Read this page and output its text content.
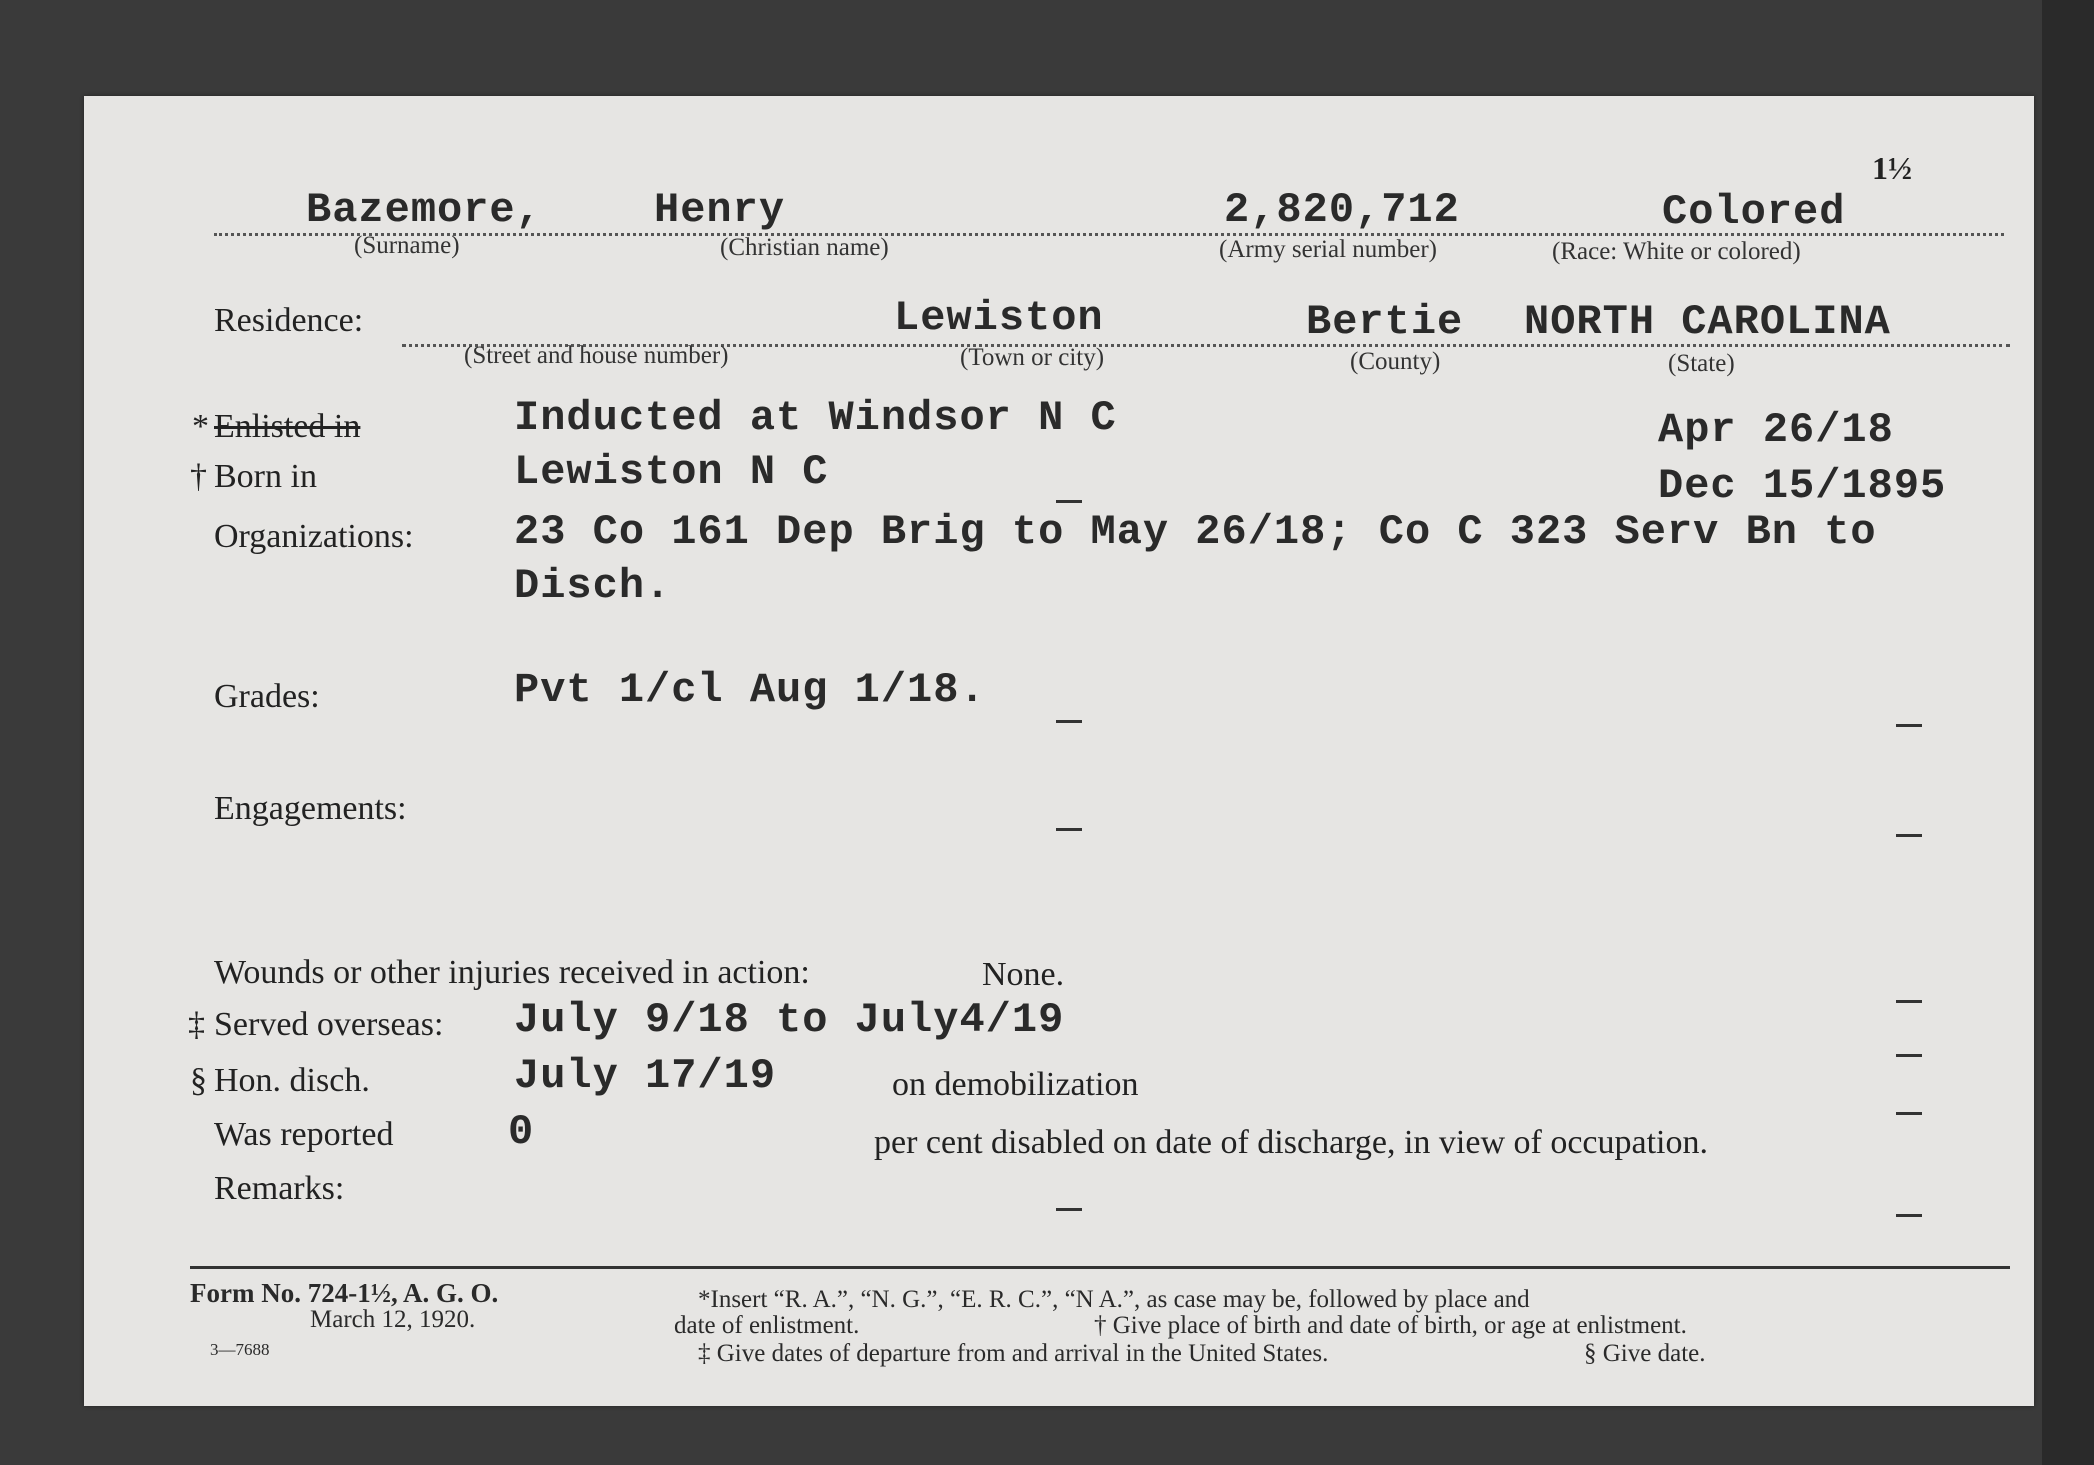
1½
Bazemore,	Henry	2,820,712	Colored
(Surname)	(Christian name)	(Army serial number)	(Race: White or colored)
Residence:	Lewiston	Bertie NORTH CAROLINA
(Street and house number)	(Town or city)	(County)	(State)
* Enlisted in	Inducted at Windsor N C	Apr 26/18
† Born in	Lewiston N C	Dec 15/1895
Organizations: 23 Co 161 Dep Brig to May 26/18; Co C 323 Serv Bn to
Disch.
Grades:	Pvt 1/cl Aug 1/18.
Engagements:
Wounds or other injuries received in action:	None.
‡ Served overseas: July 9/18 to July4/19
§ Hon. disch.	July 17/19	on demobilization
Was reported	0	per cent disabled on date of discharge, in view of occupation.
Remarks:
Form No. 724-1½, A. G. O.
March 12, 1920.
3—7688
*Insert “R. A.”, “N. G.”, “E. R. C.”, “N A.”, as case may be, followed by place and
date of enlistment.	† Give place of birth and date of birth, or age at enlistment.
‡ Give dates of departure from and arrival in the United States.	§ Give date.
